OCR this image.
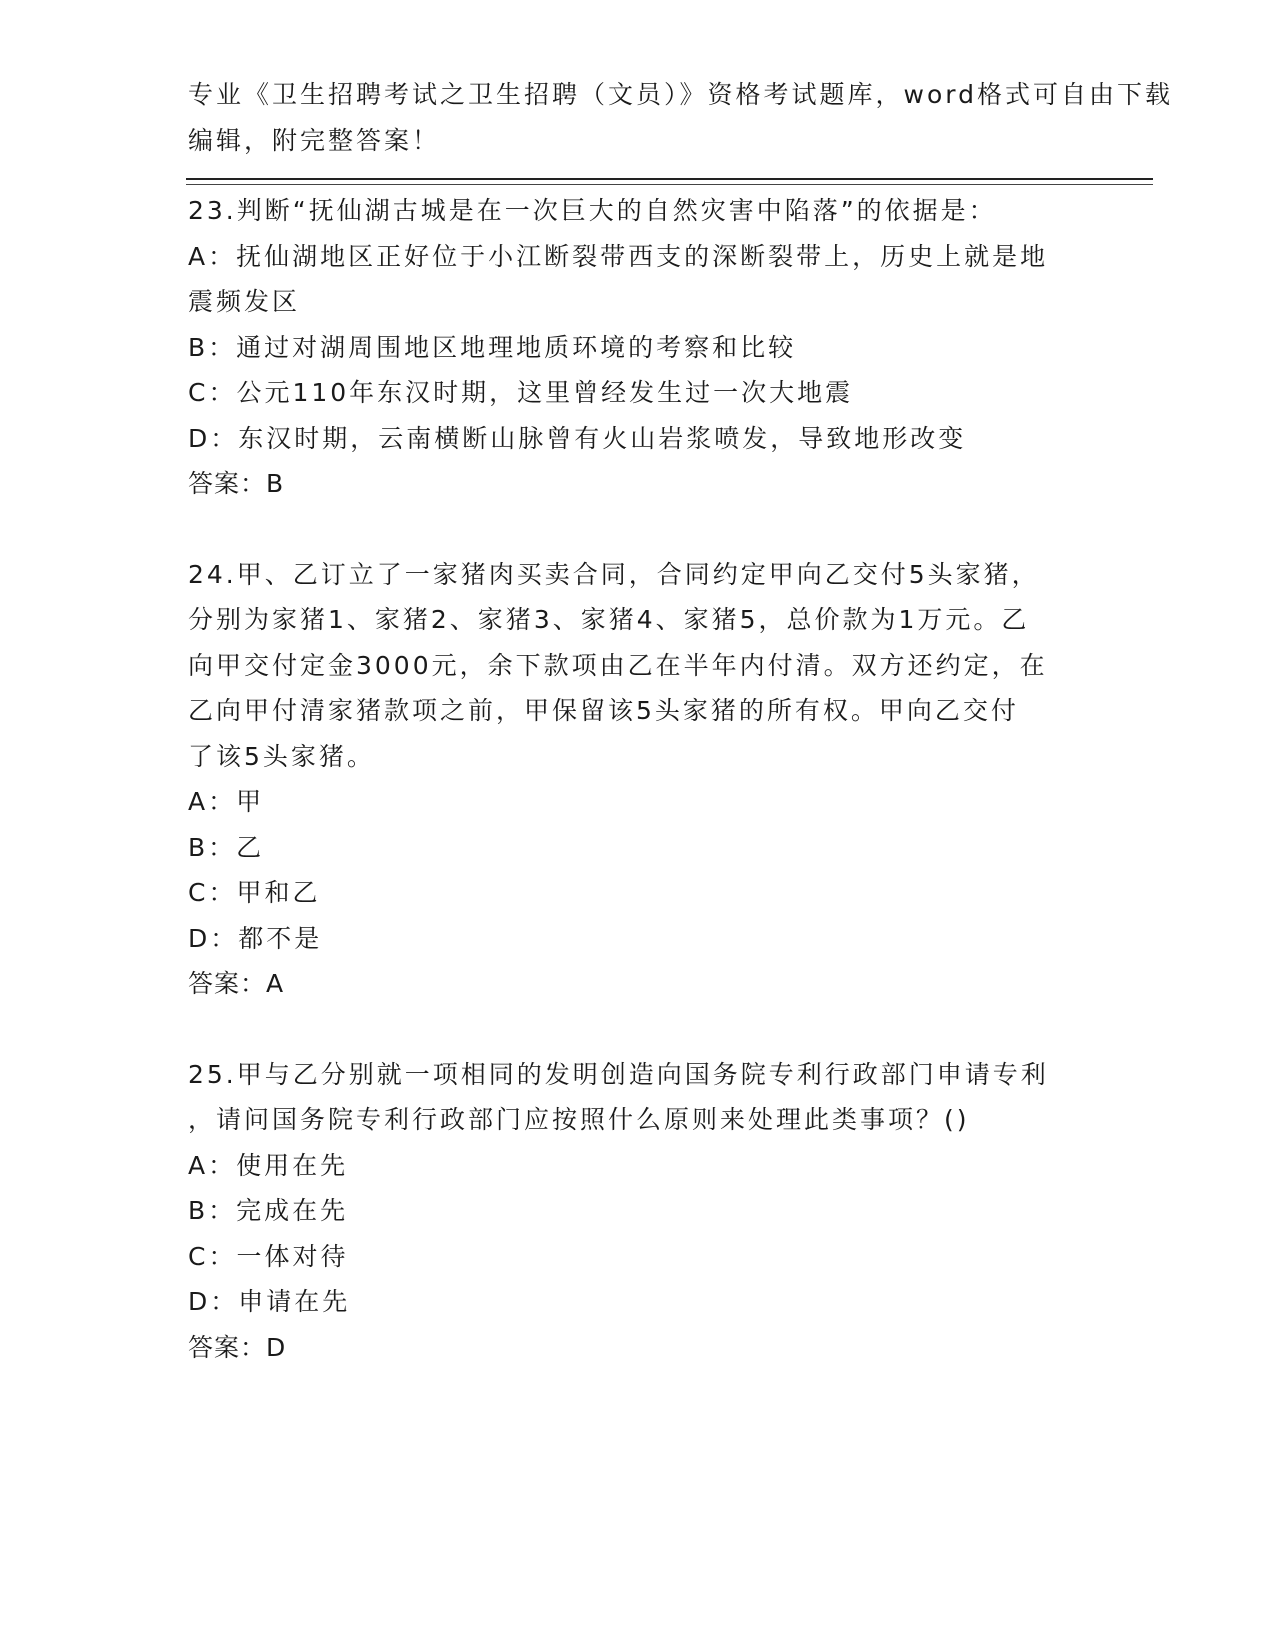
专业《卫生招聘考试之卫生招聘（文员）》资格考试题库，word格式可自由下载
编辑，附完整答案！
23.判断“抚仙湖古城是在一次巨大的自然灾害中陷落”的依据是：
A：抚仙湖地区正好位于小江断裂带西支的深断裂带上，历史上就是地
震频发区
B：通过对湖周围地区地理地质环境的考察和比较
C：公元110年东汉时期，这里曾经发生过一次大地震
D：东汉时期，云南横断山脉曾有火山岩浆喷发，导致地形改变
答案：B
24.甲、乙订立了一家猪肉买卖合同，合同约定甲向乙交付5头家猪，
分别为家猪1、家猪2、家猪3、家猪4、家猪5，总价款为1万元。乙
向甲交付定金3000元，余下款项由乙在半年内付清。双方还约定，在
乙向甲付清家猪款项之前，甲保留该5头家猪的所有权。甲向乙交付
了该5头家猪。
A：甲
B：乙
C：甲和乙
D：都不是
答案：A
25.甲与乙分别就一项相同的发明创造向国务院专利行政部门申请专利
，请问国务院专利行政部门应按照什么原则来处理此类事项？()
A：使用在先
B：完成在先
C：一体对待
D：申请在先
答案：D
